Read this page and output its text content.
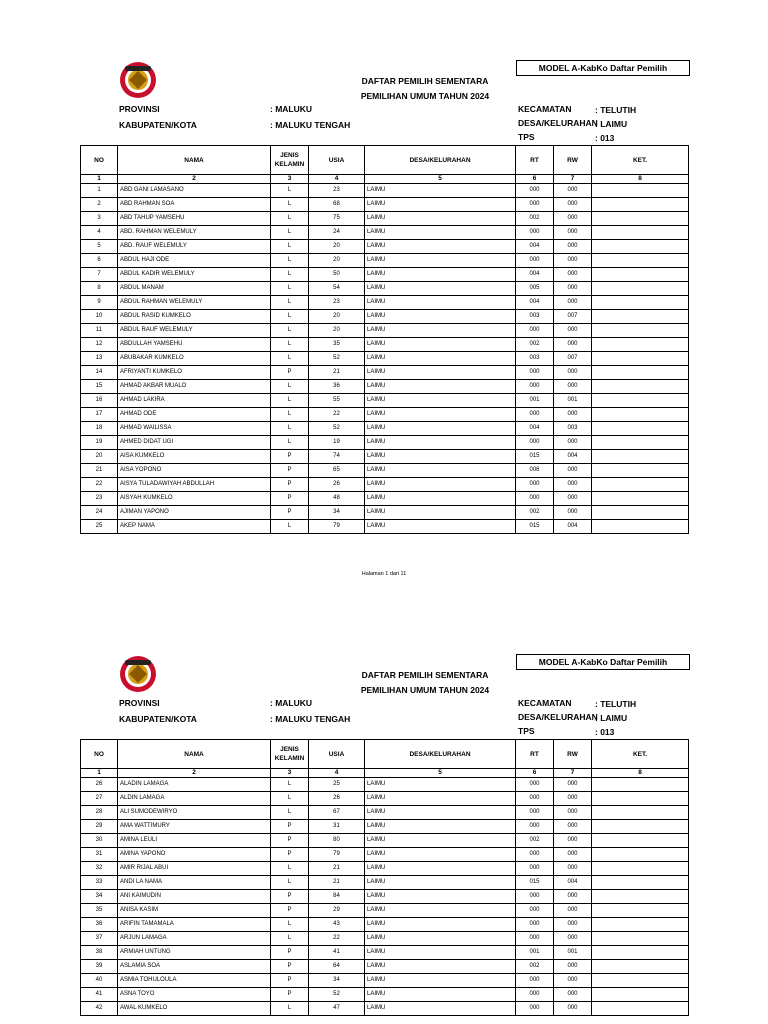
MODEL A-KabKo Daftar Pemilih
DAFTAR PEMILIH SEMENTARA
PEMILIHAN UMUM TAHUN 2024
PROVINSI	: MALUKU
KABUPATEN/KOTA	: MALUKU TENGAH
KECAMATAN	: TELUTIH
DESA/KELURAHAN
: LAIMU
TPS	: 013
NO	NAMA	JENIS
KELAMIN	USIA	DESA/KELURAHAN	RT	RW	KET.
1	2	3	4	5	6	7	8
1	ABD GANI LAMASANO	L	23	LAIMU	000	000	
2	ABD RAHMAN SOA	L	68	LAIMU	000	000	
3	ABD TAHUP YAMSEHU	L	75	LAIMU	002	000	
4	ABD. RAHMAN WELEMULY	L	24	LAIMU	000	000	
5	ABD. RAUF WELEMULY	L	20	LAIMU	004	000	
6	ABDUL HAJI ODE	L	20	LAIMU	000	000	
7	ABDUL KADIR WELEMULY	L	50	LAIMU	004	000	
8	ABDUL MANAM	L	54	LAIMU	005	000	
9	ABDUL RAHMAN WELEMULY	L	23	LAIMU	004	000	
10	ABDUL RASID KUMKELO	L	20	LAIMU	003	007	
11	ABDUL RAUF WELEMULY	L	20	LAIMU	000	000	
12	ABDULLAH YAMSEHU	L	35	LAIMU	002	000	
13	ABUBAKAR KUMKELO	L	52	LAIMU	003	007	
14	AFRIYANTI KUMKELO	P	21	LAIMU	000	000	
15	AHMAD AKBAR MUALO	L	36	LAIMU	000	000	
16	AHMAD LAKIRA	L	55	LAIMU	001	001	
17	AHMAD ODE	L	22	LAIMU	000	000	
18	AHMAD WAILISSA	L	52	LAIMU	004	003	
19	AHMED DIDAT UGI	L	19	LAIMU	000	000	
20	AISA KUMKELO	P	74	LAIMU	015	004	
21	AISA YOPONO	P	65	LAIMU	006	000	
22	AISYA TULADAWIYAH ABDULLAH	P	26	LAIMU	000	000	
23	AISYAH KUMKELO	P	48	LAIMU	000	000	
24	AJIMAN YAPONO	P	34	LAIMU	002	000	
25	AKEP NAMA	L	79	LAIMU	015	004	
Halaman 1 dari 11
MODEL A-KabKo Daftar Pemilih
DAFTAR PEMILIH SEMENTARA
PEMILIHAN UMUM TAHUN 2024
PROVINSI	: MALUKU
KABUPATEN/KOTA	: MALUKU TENGAH
KECAMATAN	: TELUTIH
DESA/KELURAHAN
: LAIMU
TPS	: 013
NO	NAMA	JENIS
KELAMIN	USIA	DESA/KELURAHAN	RT	RW	KET.
1	2	3	4	5	6	7	8
26	ALADIN LAMAGA	L	25	LAIMU	000	000	
27	ALDIN LAMAGA	L	26	LAIMU	000	000	
28	ALI SUMODEWIRYO	L	67	LAIMU	000	000	
29	AMA WATTIMURY	P	31	LAIMU	000	000	
30	AMINA LEULI	P	80	LAIMU	002	000	
31	AMINA YAPONO	P	79	LAIMU	000	000	
32	AMIR RIJAL ABUI	L	21	LAIMU	000	000	
33	ANDI LA NAMA	L	21	LAIMU	015	004	
34	ANI KAIMUDIN	P	84	LAIMU	000	000	
35	ANISA KASIM	P	29	LAIMU	000	000	
36	ARIFIN TAMAMALA	L	43	LAIMU	000	000	
37	ARJUN LAMAGA	L	22	LAIMU	000	000	
38	ARMIAH UNTUNG	P	41	LAIMU	001	001	
39	ASLAMIA SOA	P	64	LAIMU	002	000	
40	ASMIA TOHULOULA	P	34	LAIMU	000	000	
41	ASNA TOYO	P	52	LAIMU	000	000	
42	AWAL KUMKELO	L	47	LAIMU	000	000	
